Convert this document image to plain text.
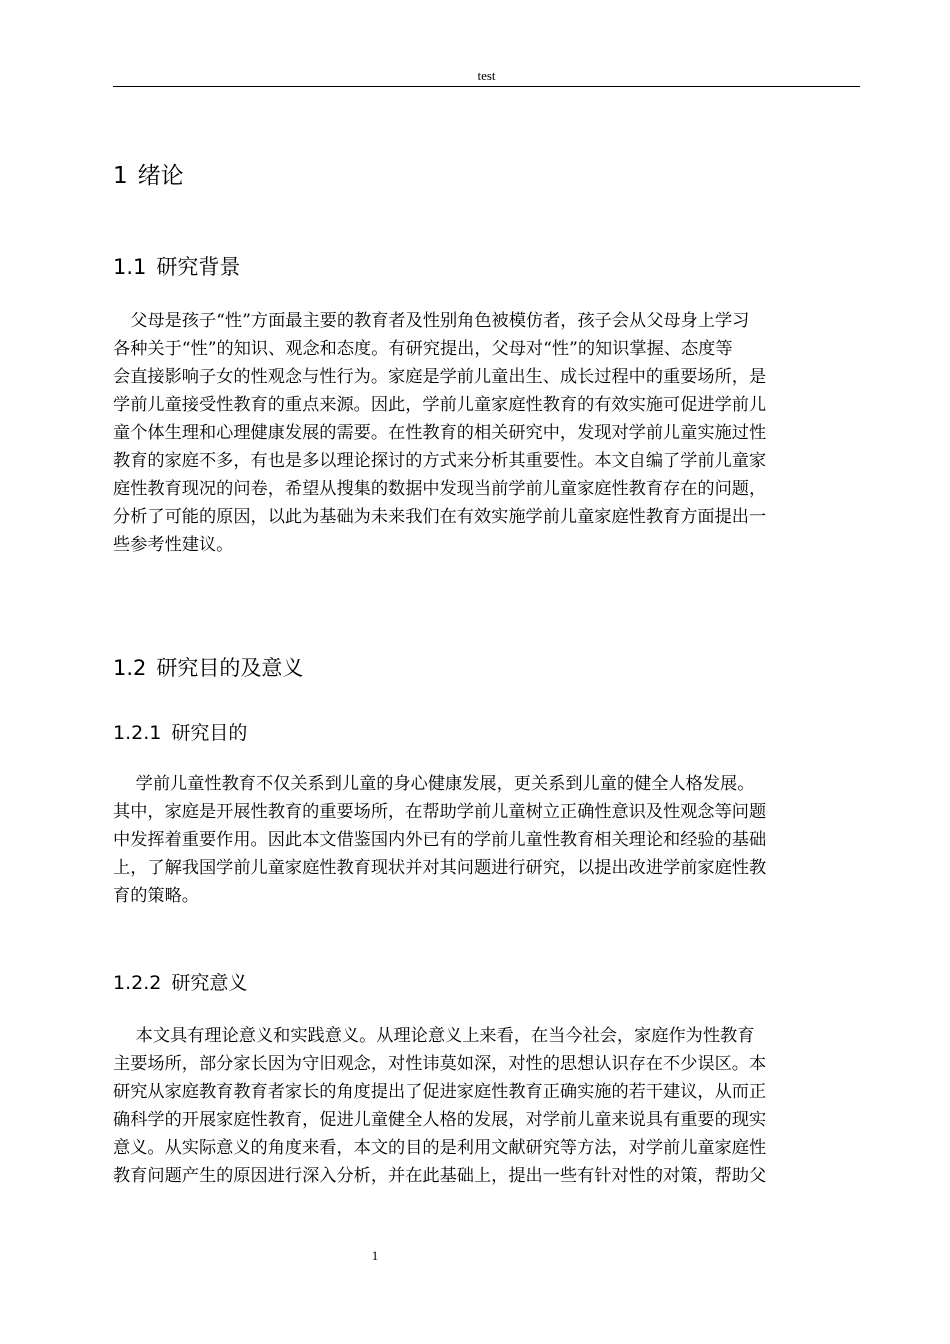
test
1 绪论
1.1 研究背景
　父母是孩子“性”方面最主要的教育者及性别角色被模仿者，孩子会从父母身上学习
各种关于“性”的知识、观念和态度。有研究提出，父母对“性”的知识掌握、态度等
会直接影响子女的性观念与性行为。家庭是学前儿童出生、成长过程中的重要场所，是
学前儿童接受性教育的重点来源。因此，学前儿童家庭性教育的有效实施可促进学前儿
童个体生理和心理健康发展的需要。在性教育的相关研究中，发现对学前儿童实施过性
教育的家庭不多，有也是多以理论探讨的方式来分析其重要性。本文自编了学前儿童家
庭性教育现况的问卷，希望从搜集的数据中发现当前学前儿童家庭性教育存在的问题，
分析了可能的原因，以此为基础为未来我们在有效实施学前儿童家庭性教育方面提出一
些参考性建议。
1.2 研究目的及意义
1.2.1 研究目的
　 学前儿童性教育不仅关系到儿童的身心健康发展，更关系到儿童的健全人格发展。
其中，家庭是开展性教育的重要场所，在帮助学前儿童树立正确性意识及性观念等问题
中发挥着重要作用。因此本文借鉴国内外已有的学前儿童性教育相关理论和经验的基础
上，了解我国学前儿童家庭性教育现状并对其问题进行研究，以提出改进学前家庭性教
育的策略。
1.2.2 研究意义
　 本文具有理论意义和实践意义。从理论意义上来看，在当今社会，家庭作为性教育
主要场所，部分家长因为守旧观念，对性讳莫如深，对性的思想认识存在不少误区。本
研究从家庭教育教育者家长的角度提出了促进家庭性教育正确实施的若干建议，从而正
确科学的开展家庭性教育，促进儿童健全人格的发展，对学前儿童来说具有重要的现实
意义。从实际意义的角度来看，本文的目的是利用文献研究等方法，对学前儿童家庭性
教育问题产生的原因进行深入分析，并在此基础上，提出一些有针对性的对策，帮助父
1
